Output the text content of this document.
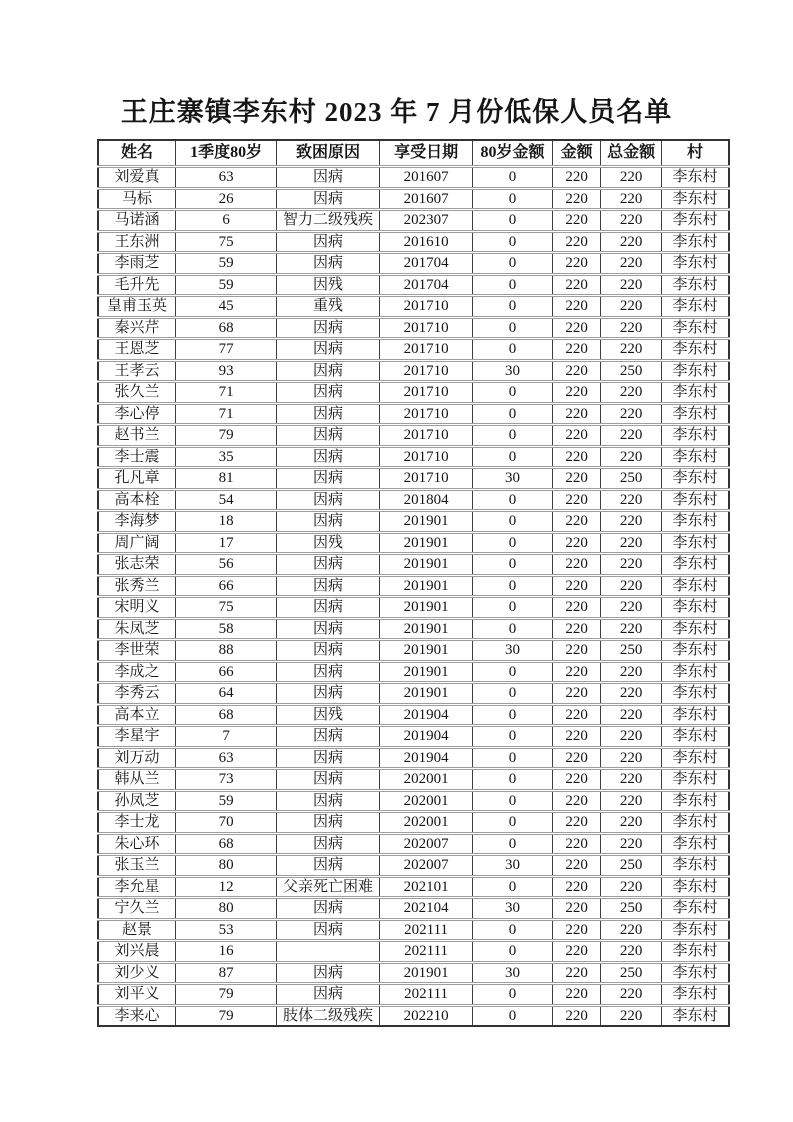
王庄寨镇李东村 2023 年 7 月份低保人员名单
姓名	1季度80岁	致困原因	享受日期	80岁金额	金额	总金额	村
刘爱真	63	因病	201607	0	220	220	李东村
马标	26	因病	201607	0	220	220	李东村
马诺涵	6	智力二级残疾	202307	0	220	220	李东村
王东洲	75	因病	201610	0	220	220	李东村
李雨芝	59	因病	201704	0	220	220	李东村
毛升先	59	因残	201704	0	220	220	李东村
皇甫玉英	45	重残	201710	0	220	220	李东村
秦兴芹	68	因病	201710	0	220	220	李东村
王恩芝	77	因病	201710	0	220	220	李东村
王孝云	93	因病	201710	30	220	250	李东村
张久兰	71	因病	201710	0	220	220	李东村
李心停	71	因病	201710	0	220	220	李东村
赵书兰	79	因病	201710	0	220	220	李东村
李士震	35	因病	201710	0	220	220	李东村
孔凡章	81	因病	201710	30	220	250	李东村
高本栓	54	因病	201804	0	220	220	李东村
李海梦	18	因病	201901	0	220	220	李东村
周广阔	17	因残	201901	0	220	220	李东村
张志荣	56	因病	201901	0	220	220	李东村
张秀兰	66	因病	201901	0	220	220	李东村
宋明义	75	因病	201901	0	220	220	李东村
朱凤芝	58	因病	201901	0	220	220	李东村
李世荣	88	因病	201901	30	220	250	李东村
李成之	66	因病	201901	0	220	220	李东村
李秀云	64	因病	201901	0	220	220	李东村
高本立	68	因残	201904	0	220	220	李东村
李星宇	7	因病	201904	0	220	220	李东村
刘万动	63	因病	201904	0	220	220	李东村
韩从兰	73	因病	202001	0	220	220	李东村
孙凤芝	59	因病	202001	0	220	220	李东村
李士龙	70	因病	202001	0	220	220	李东村
朱心环	68	因病	202007	0	220	220	李东村
张玉兰	80	因病	202007	30	220	250	李东村
李允星	12	父亲死亡困难	202101	0	220	220	李东村
宁久兰	80	因病	202104	30	220	250	李东村
赵景	53	因病	202111	0	220	220	李东村
刘兴晨	16		202111	0	220	220	李东村
刘少义	87	因病	201901	30	220	250	李东村
刘平义	79	因病	202111	0	220	220	李东村
李来心	79	肢体二级残疾	202210	0	220	220	李东村
